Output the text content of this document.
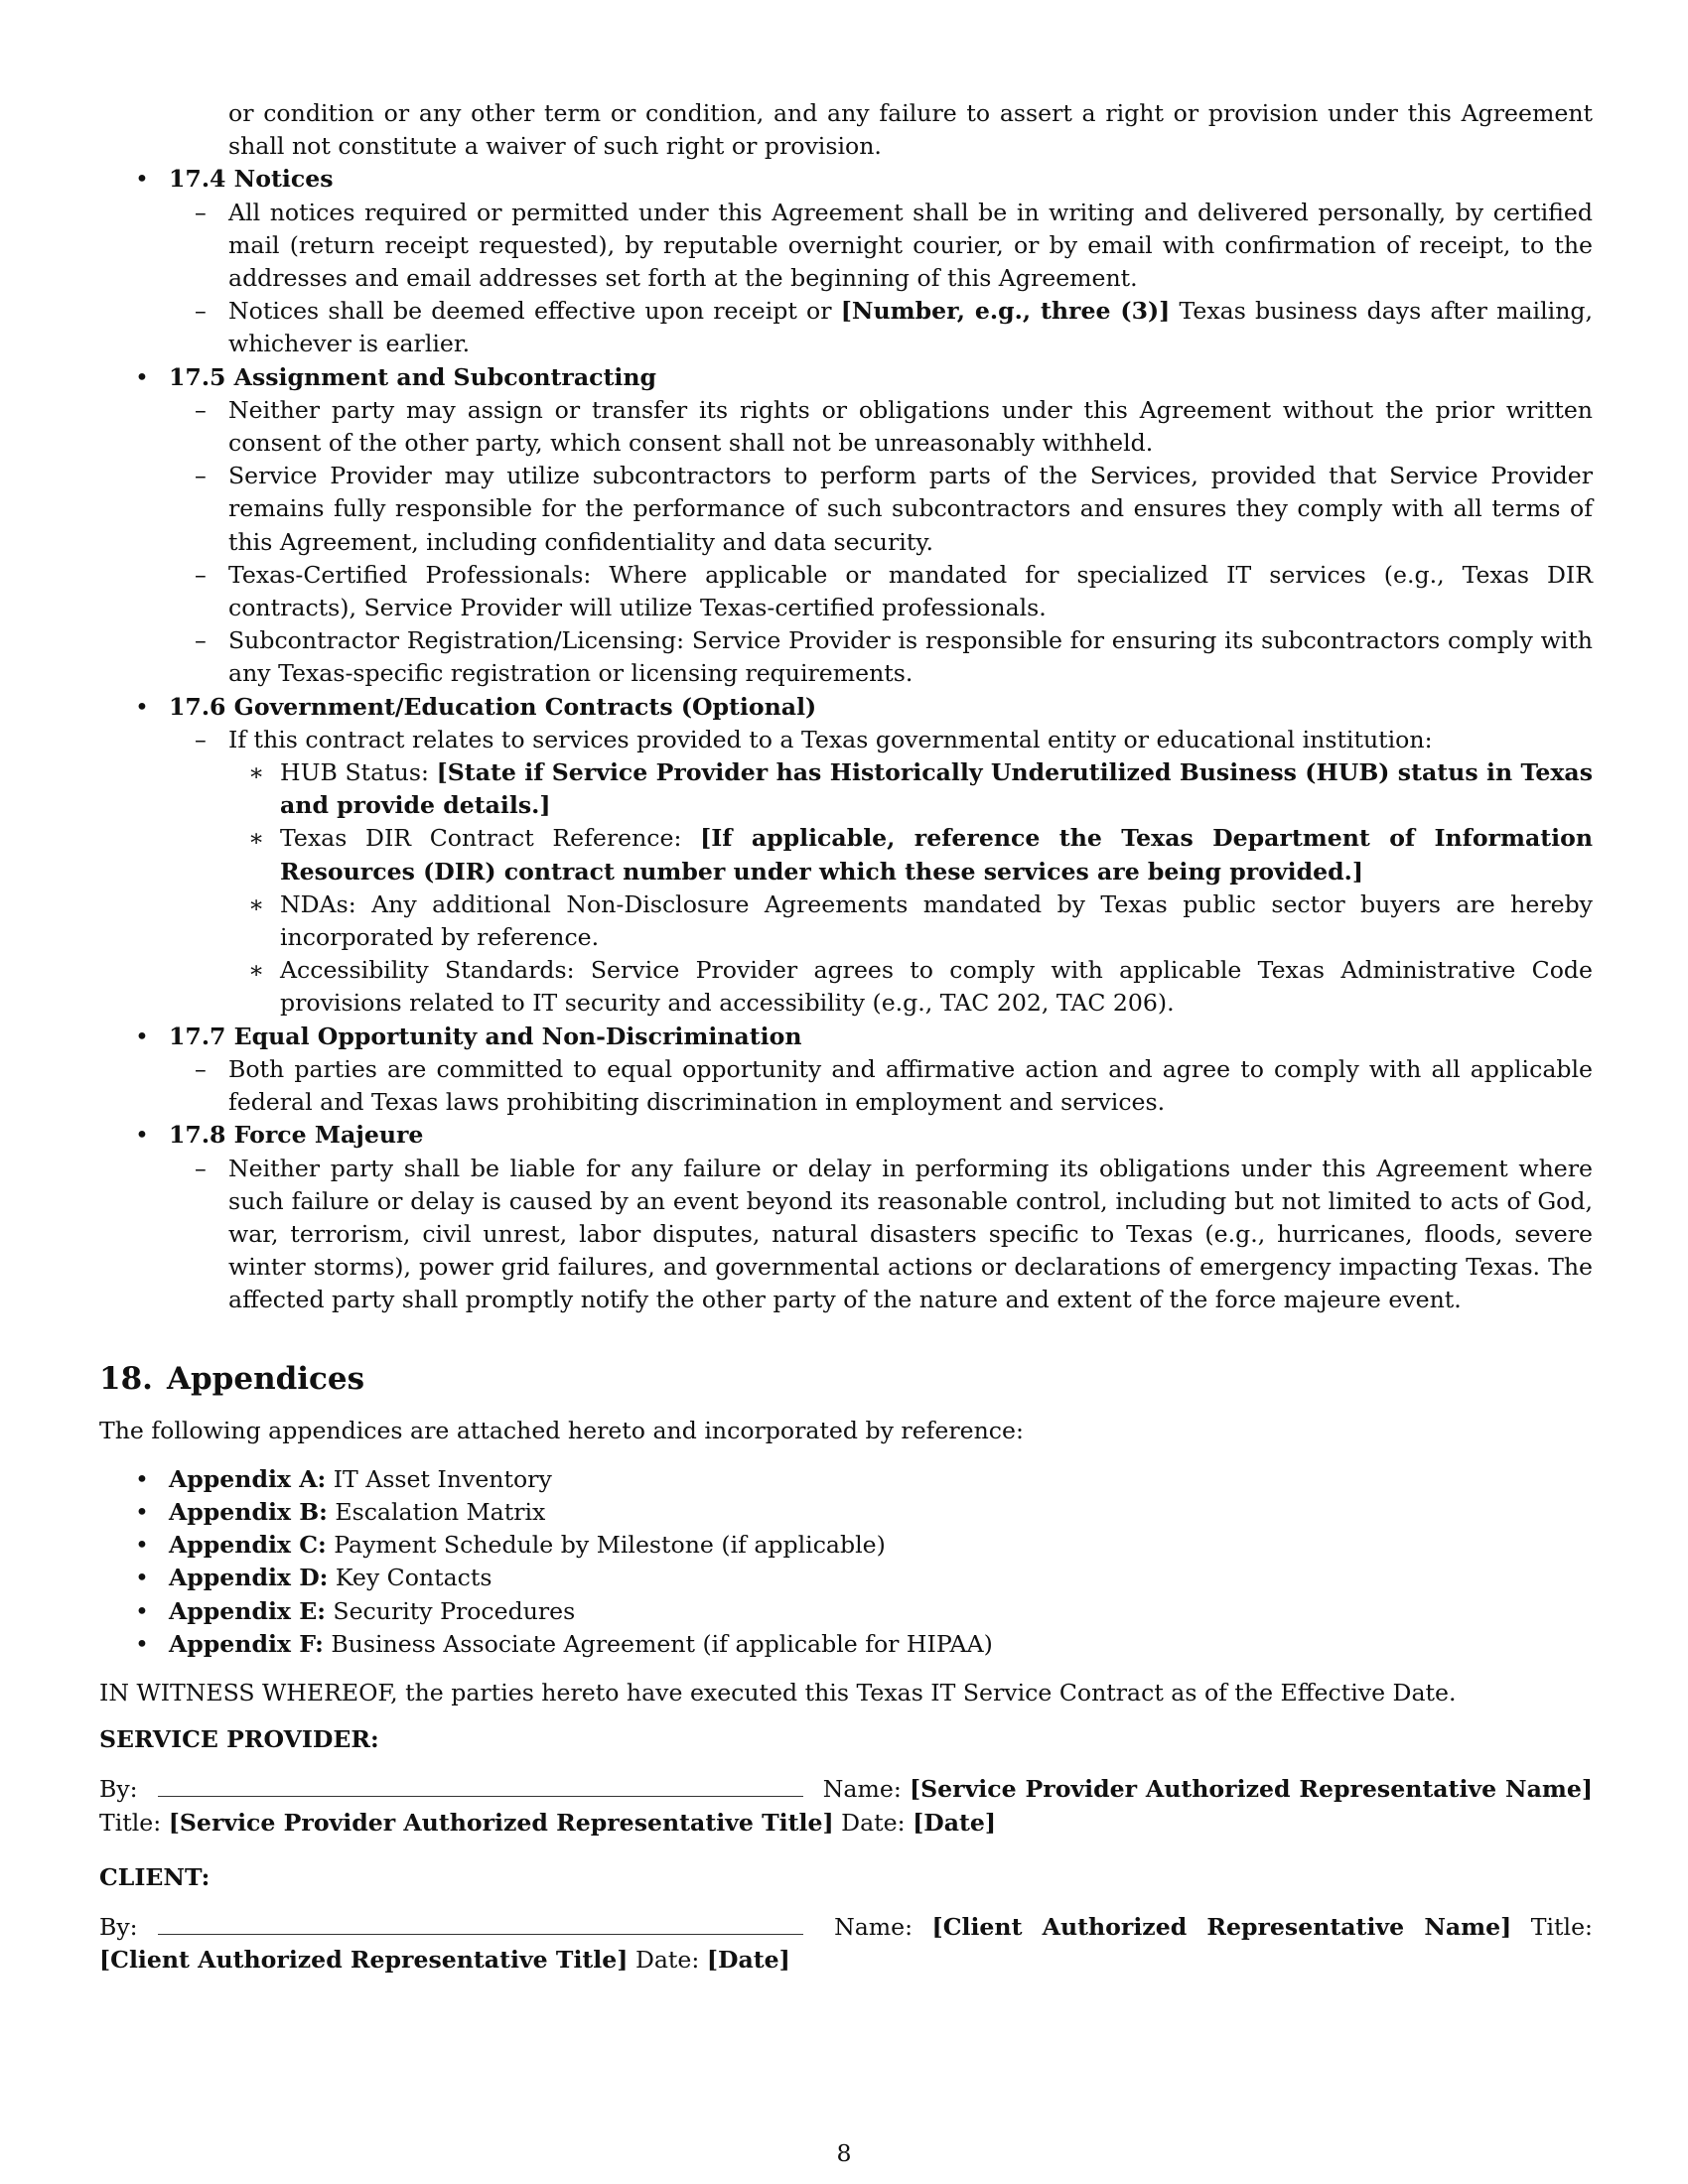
or condition or any other term or condition, and any failure to assert a right or provision under this Agreement shall not constitute a waiver of such right or provision.

• 17.4 Notices
– All notices required or permitted under this Agreement shall be in writing and delivered personally, by certified mail (return receipt requested), by reputable overnight courier, or by email with confirmation of receipt, to the addresses and email addresses set forth at the beginning of this Agreement.
– Notices shall be deemed effective upon receipt or [Number, e.g., three (3)] Texas business days after mailing, whichever is earlier.
• 17.5 Assignment and Subcontracting
– Neither party may assign or transfer its rights or obligations under this Agreement without the prior written consent of the other party, which consent shall not be unreasonably withheld.
– Service Provider may utilize subcontractors to perform parts of the Services, provided that Service Provider remains fully responsible for the performance of such subcontractors and ensures they comply with all terms of this Agreement, including confidentiality and data security.
– Texas-Certified Professionals: Where applicable or mandated for specialized IT services (e.g., Texas DIR contracts), Service Provider will utilize Texas-certified professionals.
– Subcontractor Registration/Licensing: Service Provider is responsible for ensuring its subcontractors comply with any Texas-specific registration or licensing requirements.
• 17.6 Government/Education Contracts (Optional)
– If this contract relates to services provided to a Texas governmental entity or educational institution:
∗ HUB Status: [State if Service Provider has Historically Underutilized Business (HUB) status in Texas and provide details.]
∗ Texas DIR Contract Reference: [If applicable, reference the Texas Department of Information Resources (DIR) contract number under which these services are being provided.]
∗ NDAs: Any additional Non-Disclosure Agreements mandated by Texas public sector buyers are hereby incorporated by reference.
∗ Accessibility Standards: Service Provider agrees to comply with applicable Texas Administrative Code provisions related to IT security and accessibility (e.g., TAC 202, TAC 206).
• 17.7 Equal Opportunity and Non-Discrimination
– Both parties are committed to equal opportunity and affirmative action and agree to comply with all applicable federal and Texas laws prohibiting discrimination in employment and services.
• 17.8 Force Majeure
– Neither party shall be liable for any failure or delay in performing its obligations under this Agreement where such failure or delay is caused by an event beyond its reasonable control, including but not limited to acts of God, war, terrorism, civil unrest, labor disputes, natural disasters specific to Texas (e.g., hurricanes, floods, severe winter storms), power grid failures, and governmental actions or declarations of emergency impacting Texas. The affected party shall promptly notify the other party of the nature and extent of the force majeure event.
18. Appendices

The following appendices are attached hereto and incorporated by reference:

• Appendix A: IT Asset Inventory
• Appendix B: Escalation Matrix
• Appendix C: Payment Schedule by Milestone (if applicable)
• Appendix D: Key Contacts
• Appendix E: Security Procedures
• Appendix F: Business Associate Agreement (if applicable for HIPAA)

IN WITNESS WHEREOF, the parties hereto have executed this Texas IT Service Contract as of the Effective Date.

SERVICE PROVIDER:

By:	Name: [Service Provider Authorized Representative Name] Title: [Service Provider Authorized Representative Title] Date: [Date]

CLIENT:

By:	Name: [Client Authorized Representative Name] Title: [Client Authorized Representative Title] Date: [Date]

8
